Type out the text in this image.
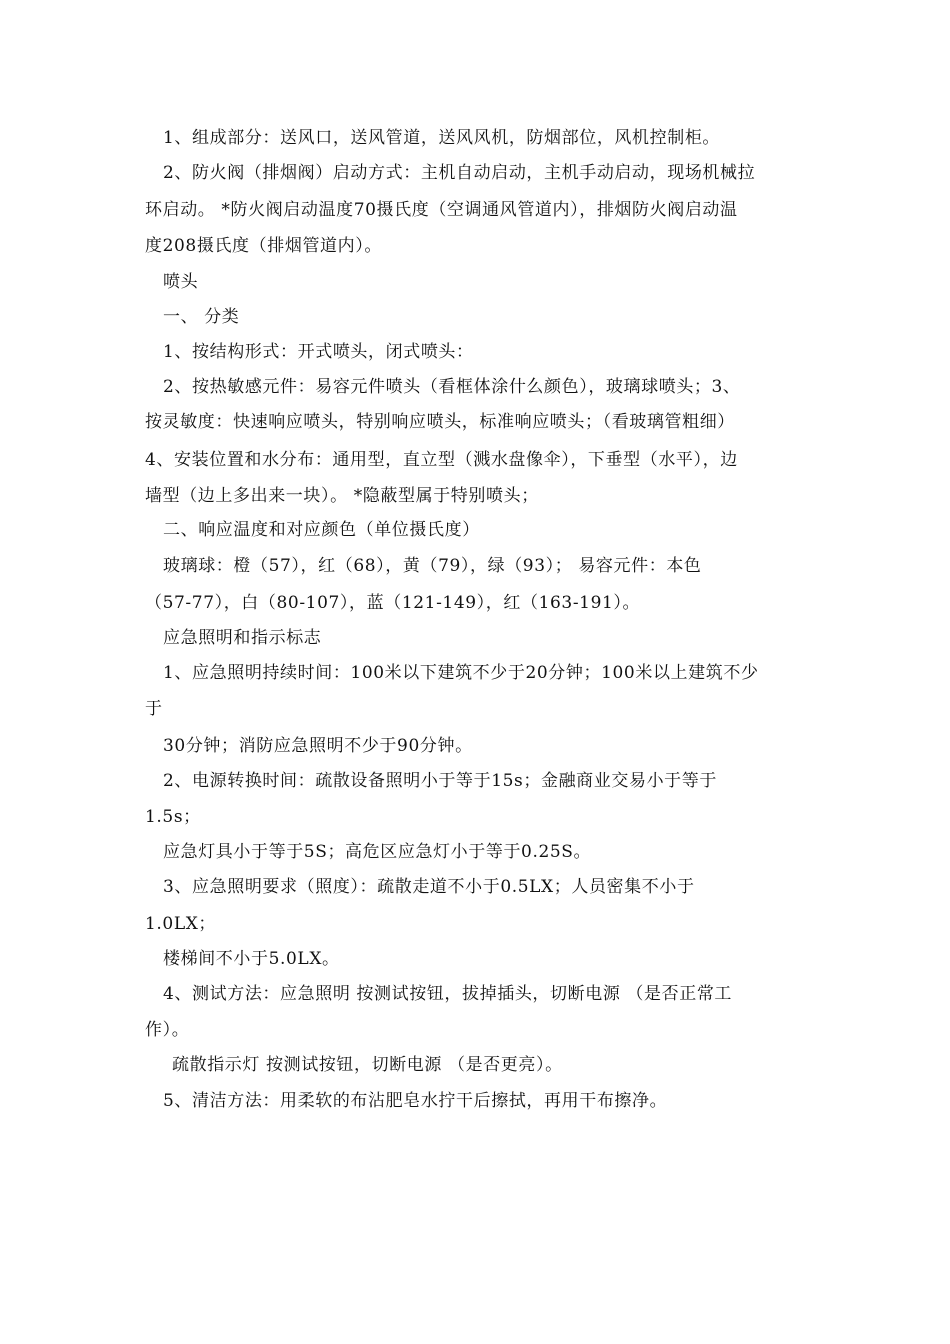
1、组成部分：送风口，送风管道，送风风机，防烟部位，风机控制柜。
2、防火阀（排烟阀）启动方式：主机自动启动，主机手动启动，现场机械拉
环启动。 *防火阀启动温度70摄氏度（空调通风管道内），排烟防火阀启动温
度208摄氏度（排烟管道内）。
喷头
一、 分类
1、按结构形式：开式喷头，闭式喷头：
2、按热敏感元件：易容元件喷头（看框体涂什么颜色），玻璃球喷头；3、
按灵敏度：快速响应喷头，特别响应喷头，标准响应喷头；（看玻璃管粗细）
4、安装位置和水分布：通用型，直立型（溅水盘像伞），下垂型（水平），边
墙型（边上多出来一块）。 *隐蔽型属于特别喷头；
二、响应温度和对应颜色（单位摄氏度）
玻璃球：橙（57），红（68），黄（79），绿（93）； 易容元件：本色
（57-77），白（80-107），蓝（121-149），红（163-191）。
应急照明和指示标志
1、应急照明持续时间：100米以下建筑不少于20分钟；100米以上建筑不少
于
30分钟；消防应急照明不少于90分钟。
2、电源转换时间：疏散设备照明小于等于15s；金融商业交易小于等于
1.5s；
应急灯具小于等于5S；高危区应急灯小于等于0.25S。
3、应急照明要求（照度）：疏散走道不小于0.5LX；人员密集不小于
1.0LX；
楼梯间不小于5.0LX。
4、测试方法：应急照明 按测试按钮，拔掉插头，切断电源 （是否正常工
作）。
疏散指示灯 按测试按钮，切断电源 （是否更亮）。
5、清洁方法：用柔软的布沾肥皂水拧干后擦拭，再用干布擦净。
